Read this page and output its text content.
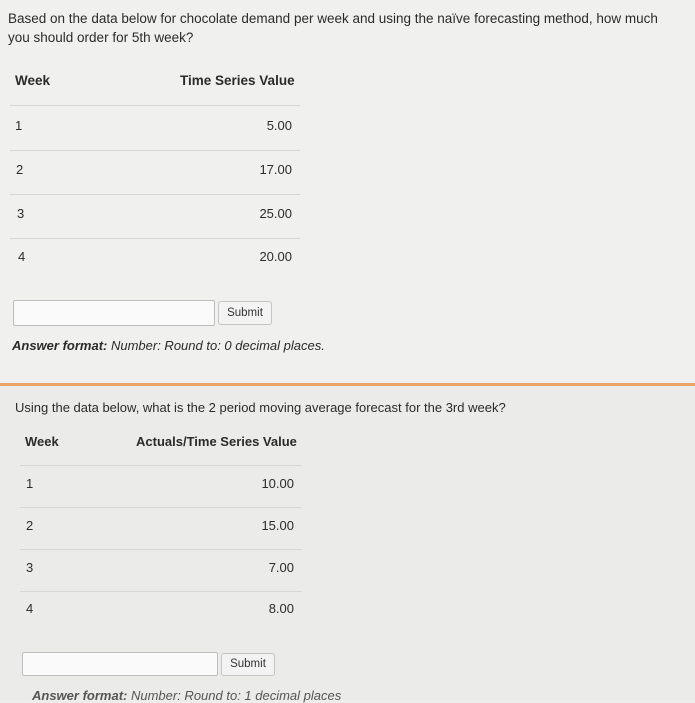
Based on the data below for chocolate demand per week and using the naïve forecasting method, how much you should order for 5th week?
Week	Time Series Value
1	5.00
2	17.00
3	25.00
4	20.00
Submit
Answer format: Number: Round to: 0 decimal places.
Using the data below, what is the 2 period moving average forecast for the 3rd week?
Week	Actuals/Time Series Value
1	10.00
2	15.00
3	7.00
4	8.00
Submit
Answer format: Number: Round to: 1 decimal places
